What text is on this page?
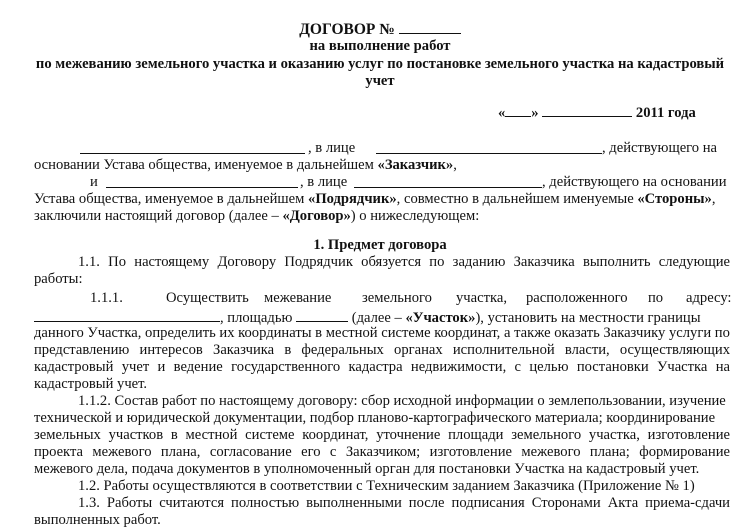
ДОГОВОР №
на выполнение работ
по межеванию земельного участка и оказанию услуг по постановке земельного участка на кадастровый
учет
« »	2011 года
, в лице	, действующего на
основании Устава общества, именуемое в дальнейшем «Заказчик»,
и	, в лице	, действующего на основании
Устава общества, именуемое в дальнейшем «Подрядчик», совместно в дальнейшем именуемые «Стороны»,
заключили настоящий договор (далее – «Договор») о нижеследующем:
1. Предмет договора
1.1. По настоящему Договору Подрядчик обязуется по заданию Заказчика выполнить следующие
работы:
1.1.1.	Осуществить межевание земельного участка, расположенного по адресу:
, площадью	(далее – «Участок»), установить на местности границы
данного Участка, определить их координаты в местной системе координат, а также оказать Заказчику услуги по
представлению интересов Заказчика в федеральных органах исполнительной власти, осуществляющих
кадастровый учет и ведение государственного кадастра недвижимости, с целью постановки Участка на
кадастровый учет.
1.1.2. Состав работ по настоящему договору: сбор исходной информации о землепользовании, изучение
технической и юридической документации, подбор планово-картографического материала; координирование
земельных участков в местной системе координат, уточнение площади земельного участка, изготовление
проекта межевого плана, согласование его с Заказчиком; изготовление межевого плана; формирование
межевого дела, подача документов в уполномоченный орган для постановки Участка на кадастровый учет.
1.2. Работы осуществляются в соответствии с Техническим заданием Заказчика (Приложение № 1)
1.3. Работы считаются полностью выполненными после подписания Сторонами Акта приема-сдачи
выполненных работ.
